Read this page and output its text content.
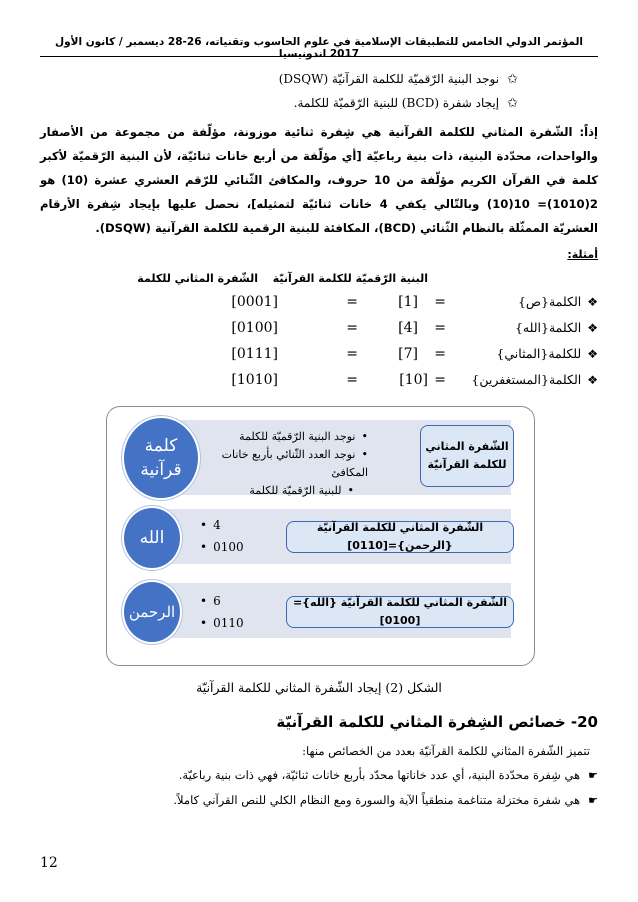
المؤتمر الدولي الخامس للتطبيقات الإسلامية في علوم الحاسوب وتقنياته، 26-28 ديسمبر / كانون الأول 2017 اندونيسيا
✩نوجد البنية الرّقميّة للكلمة القرآنيّة (DSQW)
✩إيجاد شفرة (BCD) للبنية الرّقميّة للكلمة.

إذاً: الشّفرة المثاني للكلمة القرآنية هي شِفرة ثنائية موزونة، مؤلّفة من مجموعة من الأصفار والواحدات، محدّدة البنية، ذات بنية رباعيّة [أي مؤلّفة من أربع خانات ثنائيّة، لأن البنية الرّقميّة لأكبر كلمة في القرآن الكريم مؤلّفة من 10 حروف، والمكافئ الثّنائي للرّقم العشري عشرة (10) هو 2(1010)= 10(10) وبالتّالي يكفي 4 خانات ثنائيّة لتمثيله]، نحصل عليها بإيجاد شِفرة الأرقام العشريّة الممثّلة بالنظام الثّنائي (BCD)، المكافئة للبنية الرقمية للكلمة القرآنية (DSQW).

أمثلة:
البنية الرّقميّة للكلمة القرآنيّة
الشّفرة المثاني للكلمة
❖الكلمة{ص}
=
[1]
=
[0001]
❖الكلمة{الله}
=
[4]
=
[0100]
❖للكلمة{المثاني}
=
[7]
=
[0111]
❖الكلمة{المستغفرين}
=
[10]
=
[1010]
كلمة
قرآنية
• نوجد البنية الرّقميّة للكلمة
• نوجد العدد الثّنائي بأربع خانات المكافئ
• للبنية الرّقميّة للكلمة
الشّفرة المثاني
للكلمة القرآنيّة
الله
• 4
• 0100
الشّفرة المثاني للكلمة القرآنيّة {الرحمن}=[0110]
الرحمن
• 6
• 0110
الشّفرة المثاني للكلمة القرآنيّة {الله}=[0100]
الشكل (2) إيجاد الشّفرة المثاني للكلمة القرآنيّة
20- خصائص الشِفرة المثاني للكلمة القرآنيّة
تتميز الشّفرة المثاني للكلمة القرآنيّة بعدد من الخصائص منها:
☛هي شِفرة محدّدة البنية، أي عدد خاناتها محدّد بأربع خانات ثنائيّة، فهي ذات بنية رباعيّة.
☛هي شفرة مختزلة متناغمة منطقياً الآية والسورة ومع النظام الكلي للنص القرآني كاملاً.
12
